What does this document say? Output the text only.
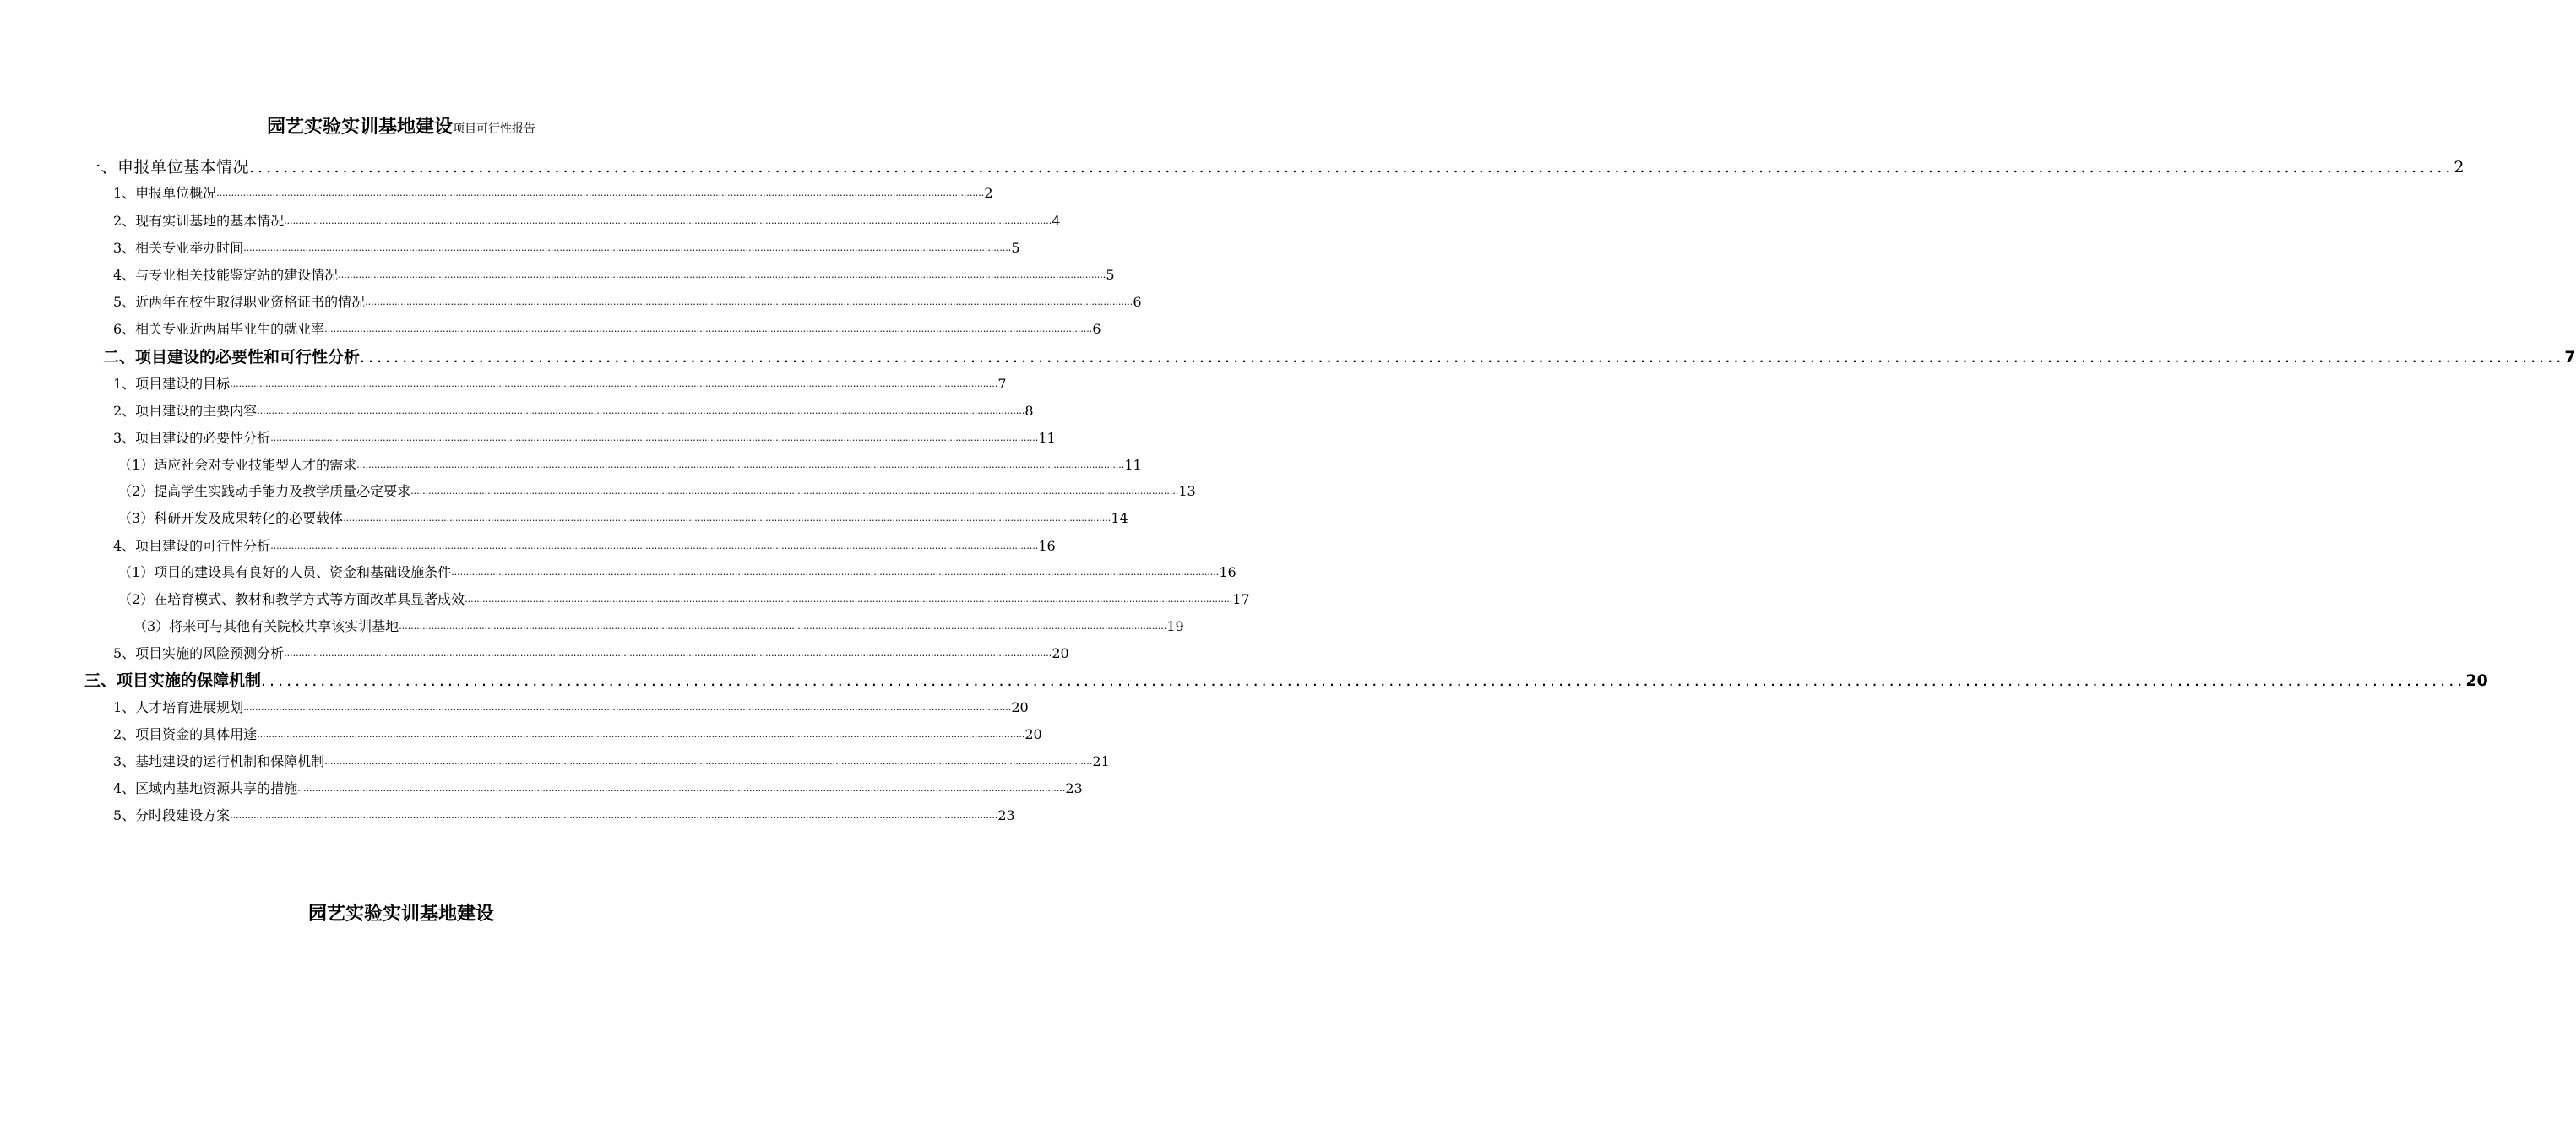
园艺实验实训基地建设项目可行性报告
一、申报单位基本情况 .................................................................................................................................................................................................................................................................... 2
1、申报单位概况 .................................................................................................................................................................................................................................................................... 2
2、现有实训基地的基本情况 .................................................................................................................................................................................................................................................................... 4
3、相关专业举办时间 .................................................................................................................................................................................................................................................................... 5
4、与专业相关技能鉴定站的建设情况 .................................................................................................................................................................................................................................................................... 5
5、近两年在校生取得职业资格证书的情况 .................................................................................................................................................................................................................................................................... 6
6、相关专业近两届毕业生的就业率 .................................................................................................................................................................................................................................................................... 6
二、项目建设的必要性和可行性分析 .................................................................................................................................................................................................................................................................... 7
1、项目建设的目标 .................................................................................................................................................................................................................................................................... 7
2、项目建设的主要内容 .................................................................................................................................................................................................................................................................... 8
3、项目建设的必要性分析 .................................................................................................................................................................................................................................................................... 11
（1）适应社会对专业技能型人才的需求 .................................................................................................................................................................................................................................................................... 11
（2）提高学生实践动手能力及教学质量必定要求 .................................................................................................................................................................................................................................................................... 13
（3）科研开发及成果转化的必要载体 .................................................................................................................................................................................................................................................................... 14
4、项目建设的可行性分析 .................................................................................................................................................................................................................................................................... 16
（1）项目的建设具有良好的人员、资金和基础设施条件 .................................................................................................................................................................................................................................................................... 16
（2）在培育模式、教材和教学方式等方面改革具显著成效 .................................................................................................................................................................................................................................................................... 17
（3）将来可与其他有关院校共享该实训基地 .................................................................................................................................................................................................................................................................... 19
5、项目实施的风险预测分析 .................................................................................................................................................................................................................................................................... 20
三、项目实施的保障机制 .................................................................................................................................................................................................................................................................... 20
1、人才培育进展规划 .................................................................................................................................................................................................................................................................... 20
2、项目资金的具体用途 .................................................................................................................................................................................................................................................................... 20
3、基地建设的运行机制和保障机制 .................................................................................................................................................................................................................................................................... 21
4、区域内基地资源共享的措施 .................................................................................................................................................................................................................................................................... 23
5、分时段建设方案 .................................................................................................................................................................................................................................................................... 23
园艺实验实训基地建设
